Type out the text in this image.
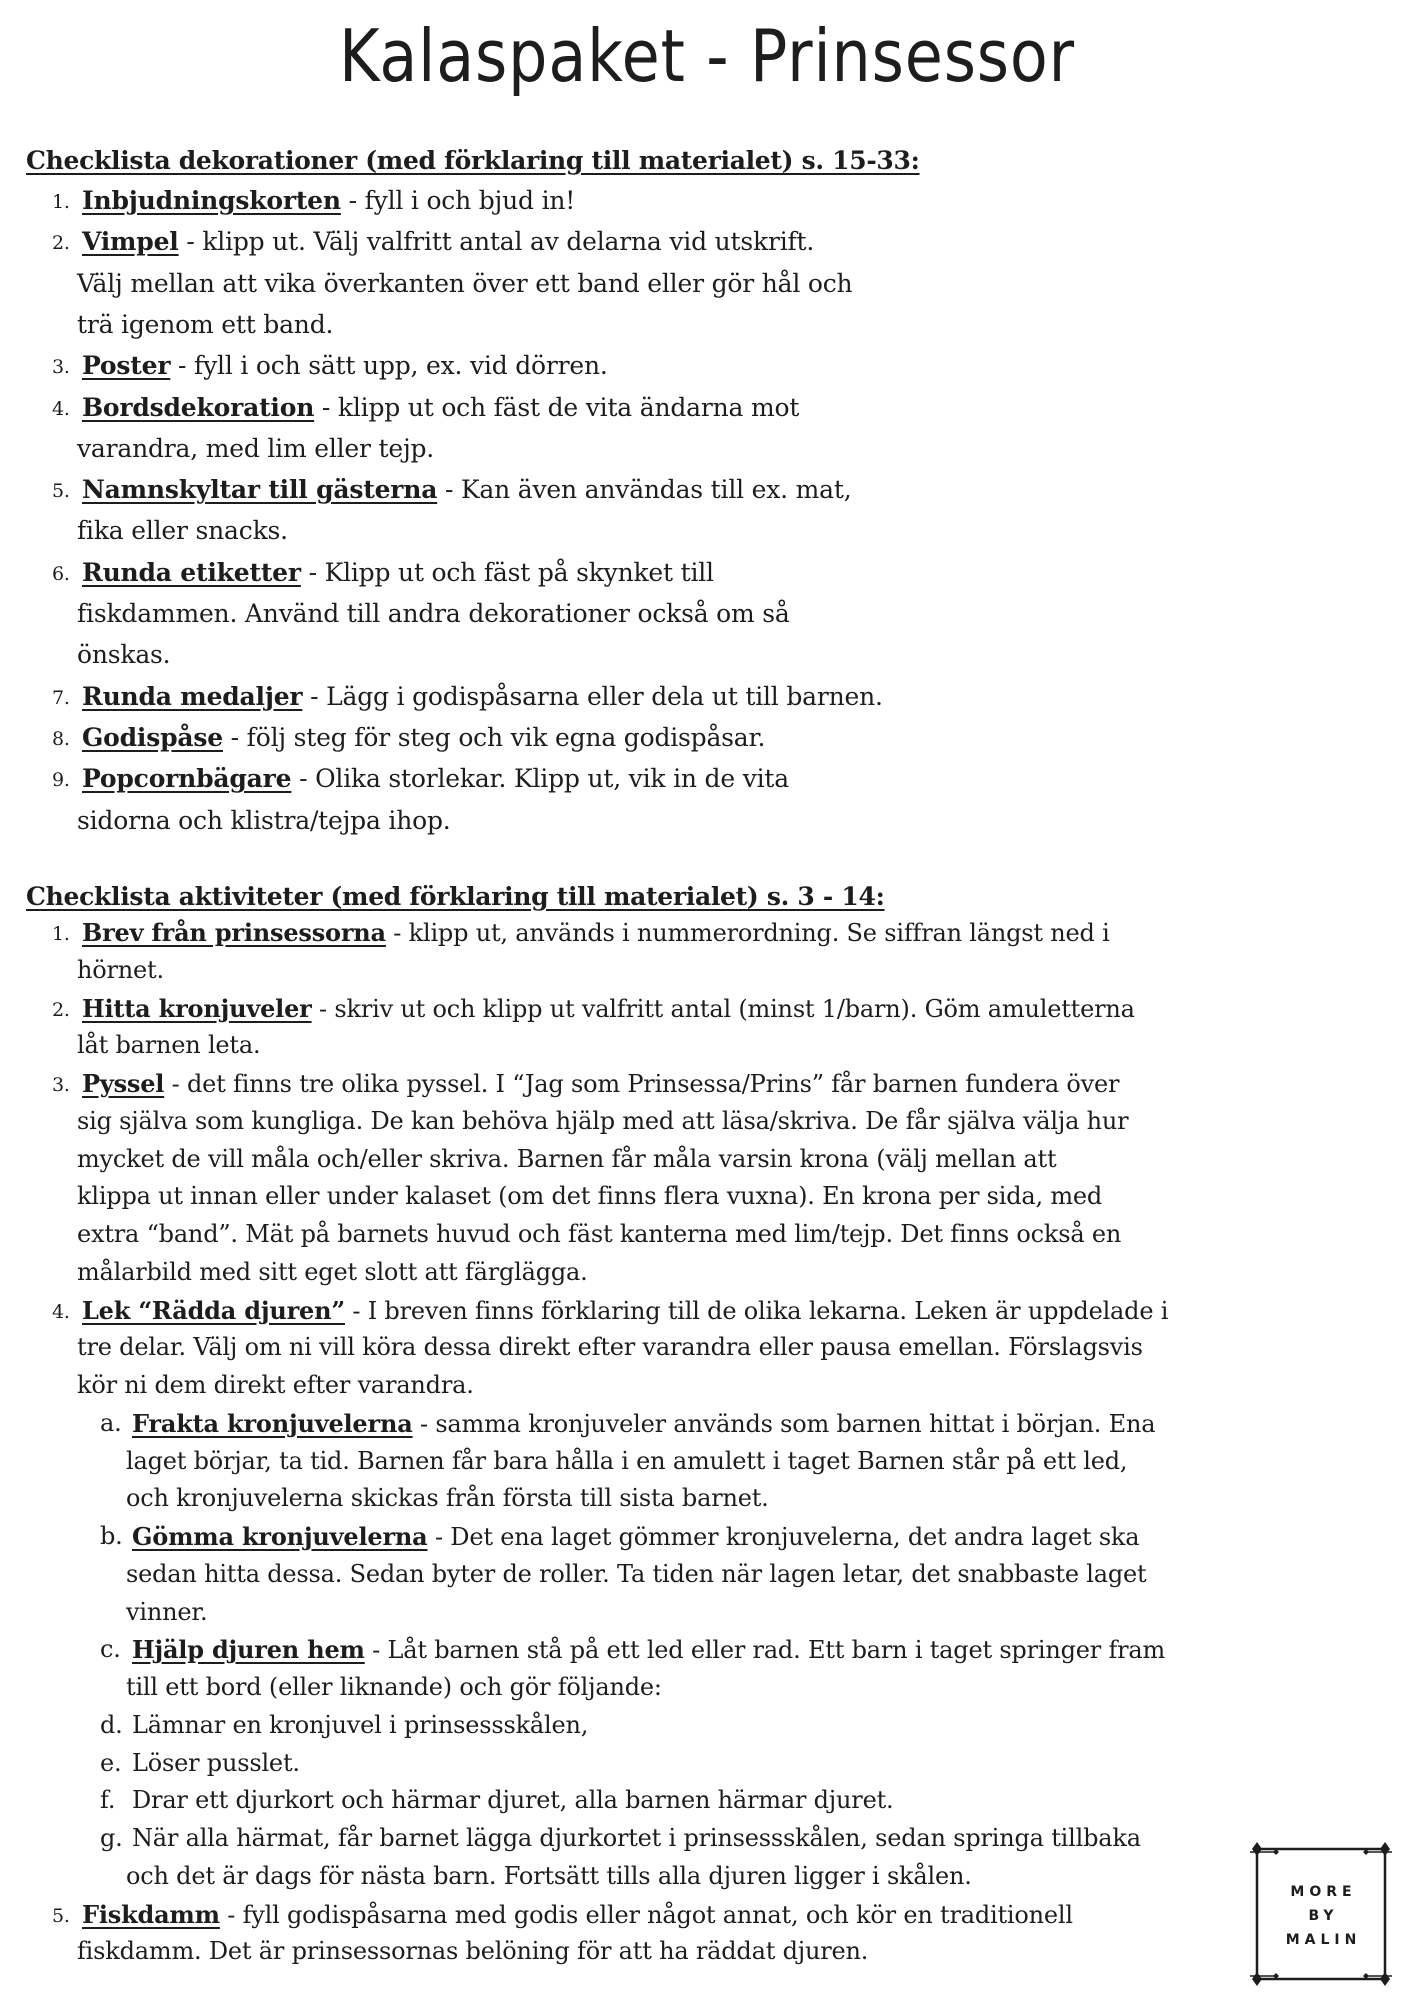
Kalaspaket - Prinsessor
Checklista dekorationer (med förklaring till materialet) s. 15-33:
1. Inbjudningskorten - fyll i och bjud in!
2. Vimpel - klipp ut. Välj valfritt antal av delarna vid utskrift.
Välj mellan att vika överkanten över ett band eller gör hål och
trä igenom ett band.
3. Poster - fyll i och sätt upp, ex. vid dörren.
4. Bordsdekoration - klipp ut och fäst de vita ändarna mot
varandra, med lim eller tejp.
5. Namnskyltar till gästerna - Kan även användas till ex. mat,
fika eller snacks.
6. Runda etiketter - Klipp ut och fäst på skynket till
fiskdammen. Använd till andra dekorationer också om så
önskas.
7. Runda medaljer - Lägg i godispåsarna eller dela ut till barnen.
8. Godispåse - följ steg för steg och vik egna godispåsar.
9. Popcornbägare - Olika storlekar. Klipp ut, vik in de vita
sidorna och klistra/tejpa ihop.
Checklista aktiviteter (med förklaring till materialet) s. 3 - 14:
1. Brev från prinsessorna - klipp ut, används i nummerordning. Se siffran längst ned i
hörnet.
2. Hitta kronjuveler - skriv ut och klipp ut valfritt antal (minst 1/barn). Göm amuletterna
låt barnen leta.
3. Pyssel - det finns tre olika pyssel. I “Jag som Prinsessa/Prins” får barnen fundera över
sig själva som kungliga. De kan behöva hjälp med att läsa/skriva. De får själva välja hur
mycket de vill måla och/eller skriva. Barnen får måla varsin krona (välj mellan att
klippa ut innan eller under kalaset (om det finns flera vuxna). En krona per sida, med
extra “band”. Mät på barnets huvud och fäst kanterna med lim/tejp. Det finns också en
målarbild med sitt eget slott att färglägga.
4. Lek “Rädda djuren” - I breven finns förklaring till de olika lekarna. Leken är uppdelade i
tre delar. Välj om ni vill köra dessa direkt efter varandra eller pausa emellan. Förslagsvis
kör ni dem direkt efter varandra.
a. Frakta kronjuvelerna - samma kronjuveler används som barnen hittat i början. Ena
laget börjar, ta tid. Barnen får bara hålla i en amulett i taget Barnen står på ett led,
och kronjuvelerna skickas från första till sista barnet.
b. Gömma kronjuvelerna - Det ena laget gömmer kronjuvelerna, det andra laget ska
sedan hitta dessa. Sedan byter de roller. Ta tiden när lagen letar, det snabbaste laget
vinner.
c. Hjälp djuren hem - Låt barnen stå på ett led eller rad. Ett barn i taget springer fram
till ett bord (eller liknande) och gör följande:
d. Lämnar en kronjuvel i prinsessskålen,
e. Löser pusslet.
f. Drar ett djurkort och härmar djuret, alla barnen härmar djuret.
g. När alla härmat, får barnet lägga djurkortet i prinsessskålen, sedan springa tillbaka
och det är dags för nästa barn. Fortsätt tills alla djuren ligger i skålen.
5. Fiskdamm - fyll godispåsarna med godis eller något annat, och kör en traditionell
fiskdamm. Det är prinsessornas belöning för att ha räddat djuren.
MORE
BY
MALIN
